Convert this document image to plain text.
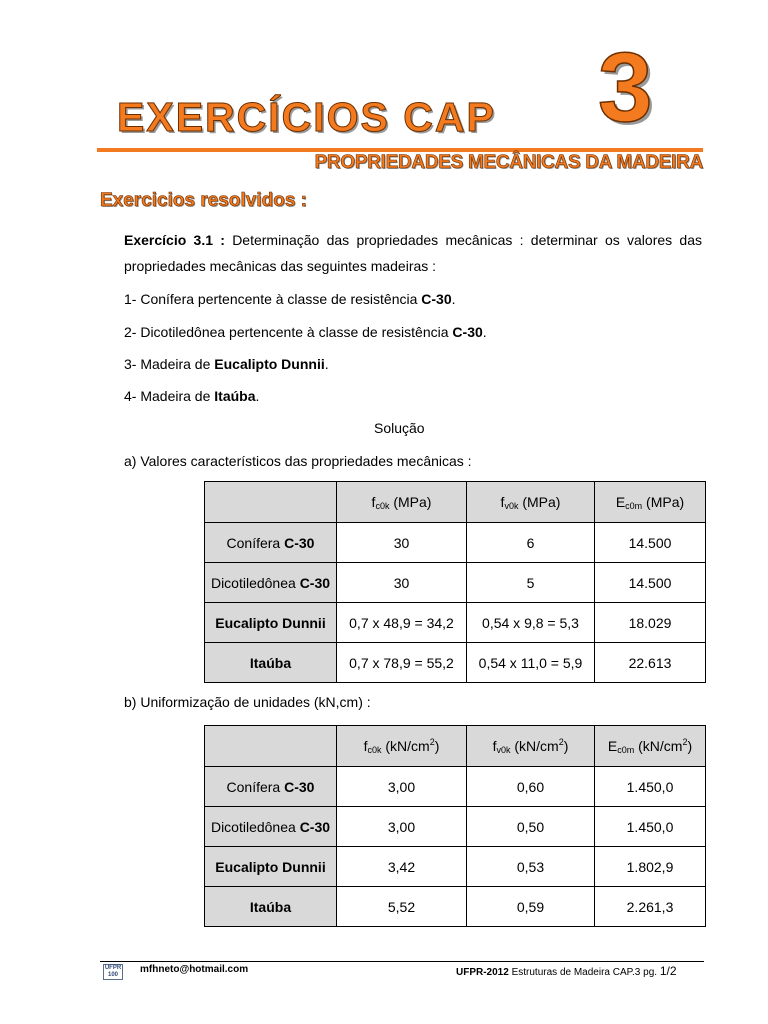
EXERCÍCIOS CAP 3
PROPRIEDADES MECÂNICAS DA MADEIRA
Exercicios resolvidos :
Exercício 3.1 : Determinação das propriedades mecânicas : determinar os valores das
propriedades mecânicas das seguintes madeiras :
1- Conífera pertencente à classe de resistência C-30.
2- Dicotiledônea pertencente à classe de resistência C-30.
3- Madeira de Eucalipto Dunnii.
4- Madeira de Itaúba.
Solução
a) Valores característicos das propriedades mecânicas :
	$f_{c0k}$ (MPa)	$f_{v0k}$ (MPa)	$E_{c0m}$ (MPa)
Conífera C-30	30	6	14.500
Dicotiledônea C-30	30	5	14.500
Eucalipto Dunnii	0,7 x 48,9 = 34,2	0,54 x 9,8 = 5,3	18.029
Itaúba	0,7 x 78,9 = 55,2	0,54 x 11,0 = 5,9	22.613
b) Uniformização de unidades (kN,cm) :
	$f_{c0k}$ $(kN/cm^2)$	$f_{v0k}$ $(kN/cm^2)$	$E_{c0m}$ $(kN/cm^2)$
Conífera C-30	3,00	0,60	1.450,0
Dicotiledônea C-30	3,00	0,50	1.450,0
Eucalipto Dunnii	3,42	0,53	1.802,9
Itaúba	5,52	0,59	2.261,3
UFPR 100	mfhneto@hotmail.com	UFPR-2012 Estruturas de Madeira CAP.3 pg. 1/2
